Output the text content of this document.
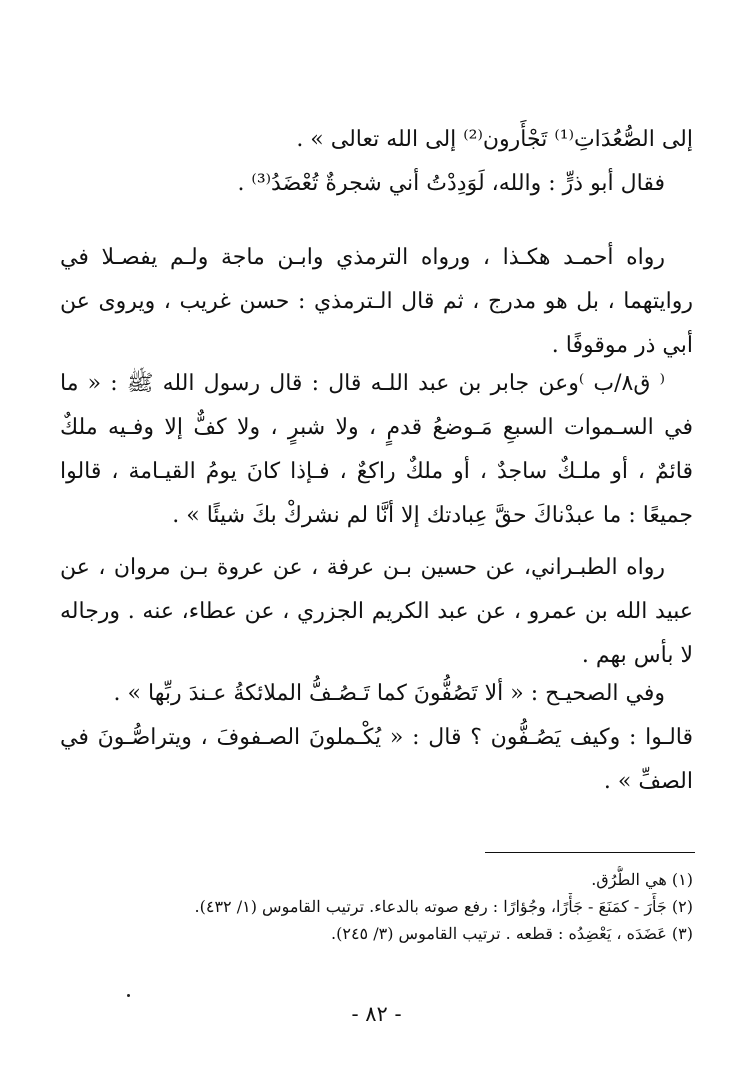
إلى الصُّعُدَاتِ⁽¹⁾ تَجْأَرون⁽²⁾ إلى الله تعالى » .
فقال أبو ذرٍّ : والله، لَوَدِدْتُ أني شجرةٌ تُعْضَدُ⁽³⁾ .
رواه أحمـد هكـذا ، ورواه الترمذي وابـن ماجة ولـم يفصـلا في
روايتهما ، بل هو مدرج ، ثم قال الـترمذي : حسن غريب ، ويروى عن
أبي ذر موقوفًا .
⁽ ق٨/ب ⁾وعن جابر بن عبد اللـه قال : قال رسول الله ﷺ : « ما
في السـموات السبعِ مَـوضعُ قدمٍ ، ولا شبرٍ ، ولا كفٌّ إلا وفـيه ملكٌ
قائمٌ ، أو ملـكٌ ساجدٌ ، أو ملكٌ راكعٌ ، فـإذا كانَ يومُ القيـامة ، قالوا
جميعًا : ما عبدْناكَ حقَّ عِبادتك إلا أنَّا لم نشركْ بكَ شيئًا » .
رواه الطبـراني، عن حسين بـن عرفة ، عن عروة بـن مروان ، عن
عبيد الله بن عمرو ، عن عبد الكريم الجزري ، عن عطاء، عنه . ورجاله
لا بأس بهم .
وفي الصحيـح : « ألا تَصُفُّونَ كما تَـصُـفُّ الملائكةُ عـندَ ربِّها » .
قالـوا : وكيف يَصُـفُّون ؟ قال : « يُكْـملونَ الصـفوفَ ، ويتراصُّـونَ في
الصفِّ » .
(١) هي الطُّرُق.
(٢) جَأَرَ - كمَنَعَ - جَأْرًا، وجُؤارًا : رفع صوته بالدعاء. ترتيب القاموس (١/ ٤٣٢).
(٣) عَضَدَه ، يَعْضِدُه : قطعه . ترتيب القاموس (٣/ ٢٤٥).
- ٨٢ -
